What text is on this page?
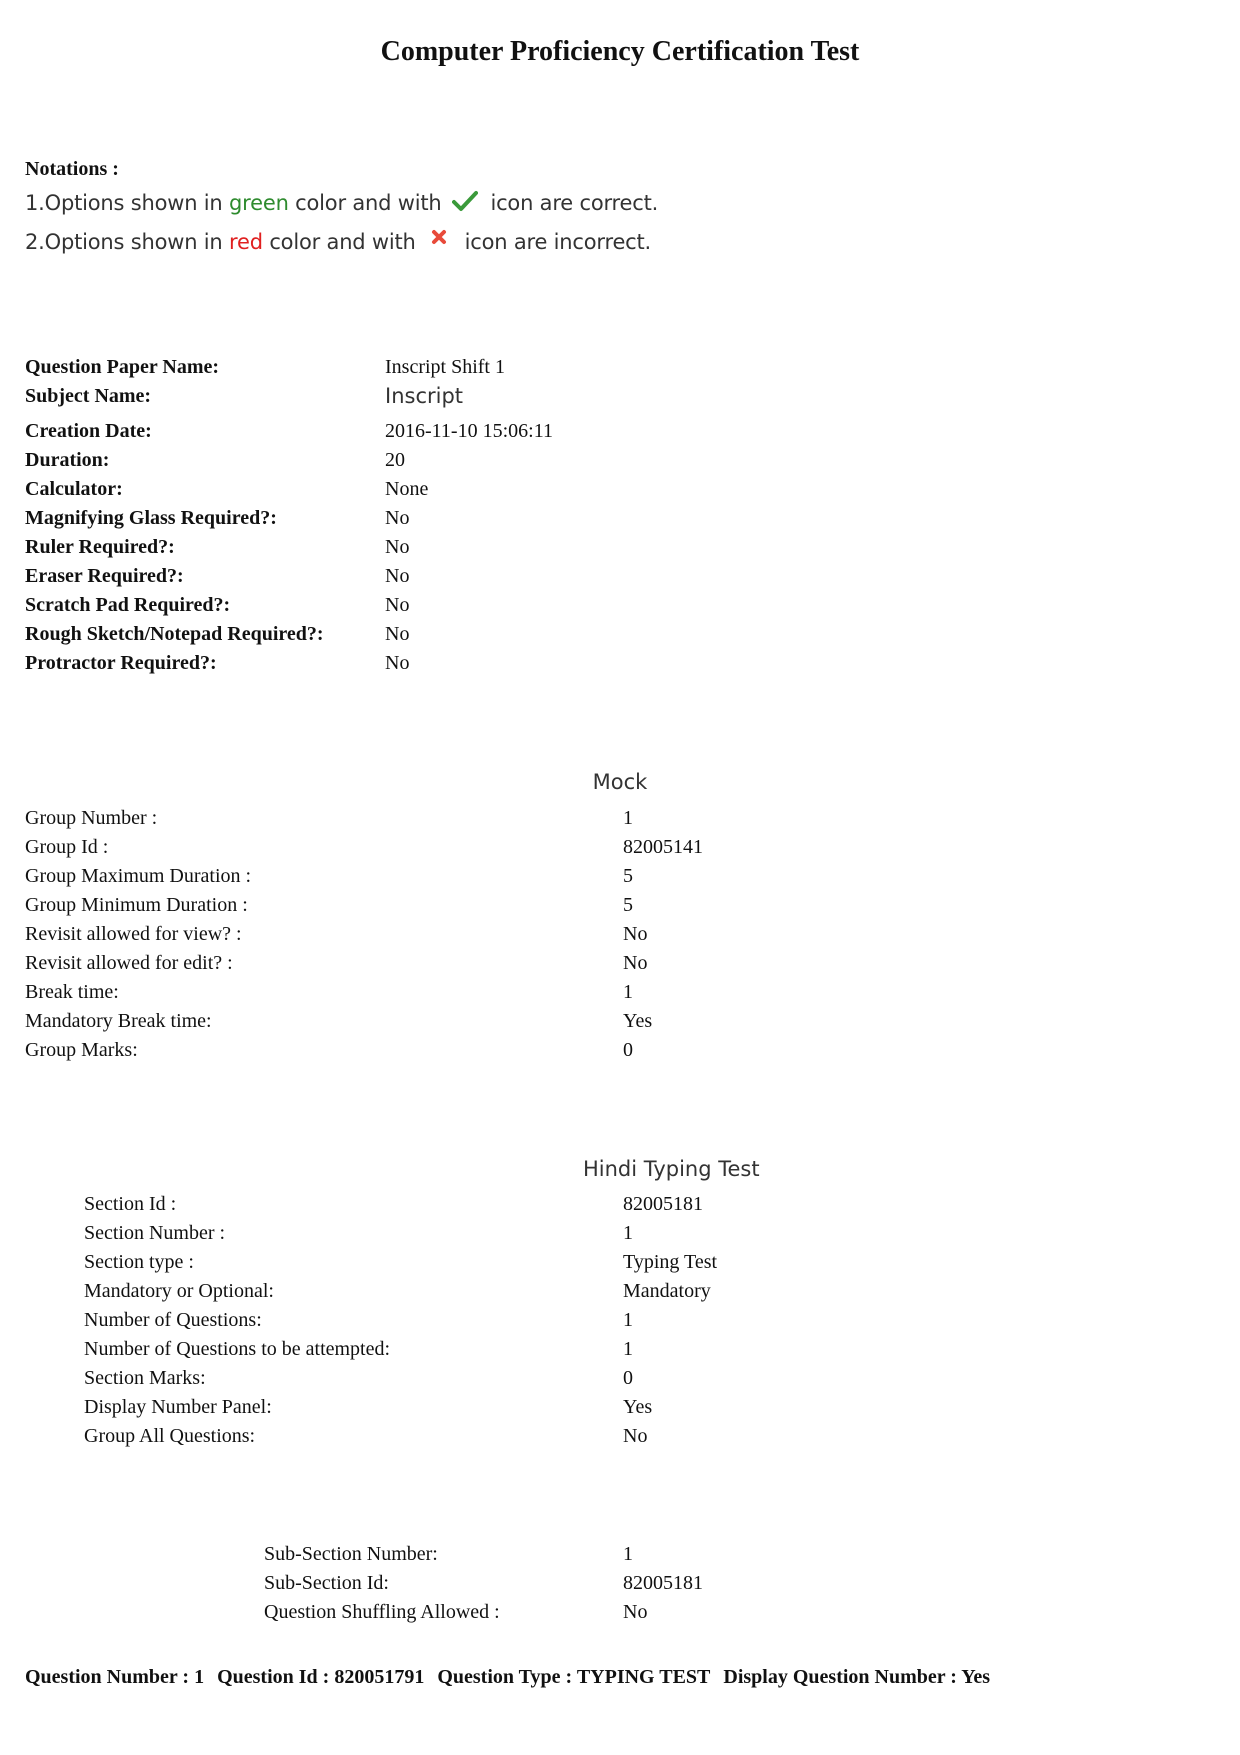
Computer Proficiency Certification Test
Notations :
1.Options shown in green color and with  icon are correct.
2.Options shown in red color and with  icon are incorrect.
Question Paper Name:	Inscript Shift 1
Subject Name:	Inscript
Creation Date:	2016-11-10 15:06:11
Duration:	20
Calculator:	None
Magnifying Glass Required?:	No
Ruler Required?:	No
Eraser Required?:	No
Scratch Pad Required?:	No
Rough Sketch/Notepad Required?:	No
Protractor Required?:	No
Mock
Group Number :	1
Group Id :	82005141
Group Maximum Duration :	5
Group Minimum Duration :	5
Revisit allowed for view? :	No
Revisit allowed for edit? :	No
Break time:	1
Mandatory Break time:	Yes
Group Marks:	0
Hindi Typing Test
Section Id :	82005181
Section Number :	1
Section type :	Typing Test
Mandatory or Optional:	Mandatory
Number of Questions:	1
Number of Questions to be attempted:	1
Section Marks:	0
Display Number Panel:	Yes
Group All Questions:	No
Sub-Section Number:	1
Sub-Section Id:	82005181
Question Shuffling Allowed :	No
Question Number : 1 Question Id : 820051791 Question Type : TYPING TEST Display Question Number : Yes
